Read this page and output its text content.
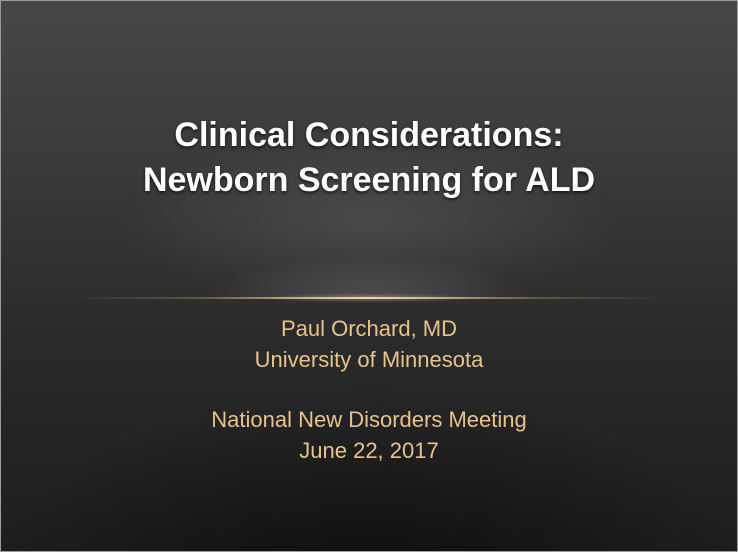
Clinical Considerations:
Newborn Screening for ALD
Paul Orchard, MD
University of Minnesota
National New Disorders Meeting
June 22, 2017
